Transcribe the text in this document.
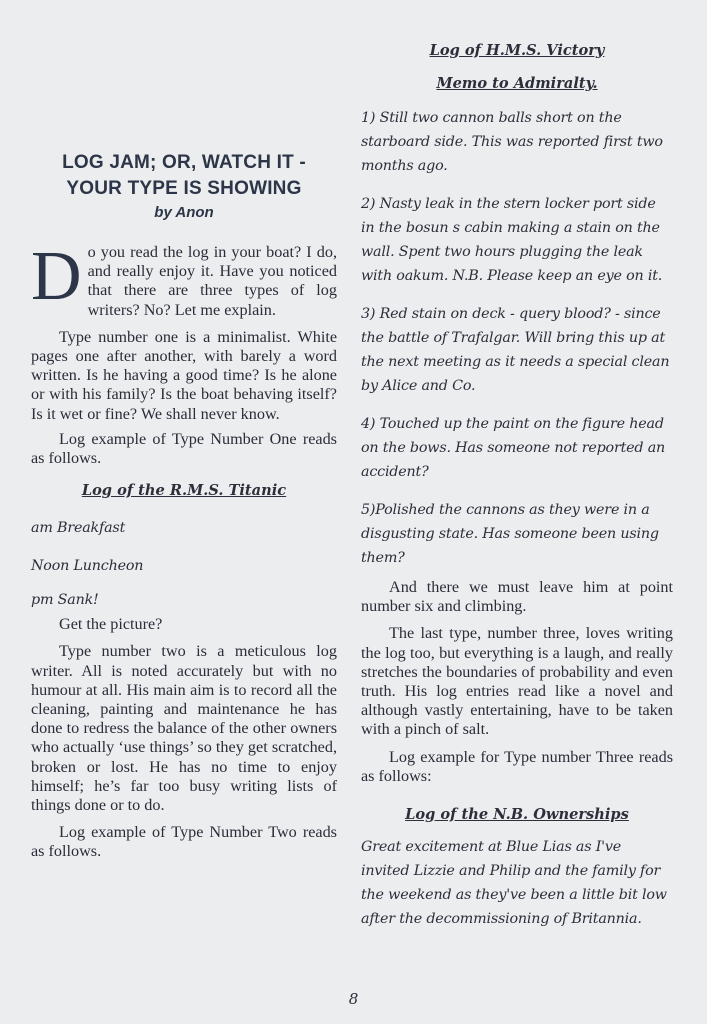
LOG JAM; OR, WATCH IT -
YOUR TYPE IS SHOWING

by Anon

Do you read the log in your boat? I do, and really enjoy it. Have you noticed that there are three types of log writers? No? Let me explain.

Type number one is a minimalist. White pages one after another, with barely a word written. Is he having a good time? Is he alone or with his family? Is the boat behaving itself? Is it wet or fine? We shall never know.

Log example of Type Number One reads as follows.

Log of the R.M.S. Titanic

am Breakfast

Noon Luncheon

pm Sank!

Get the picture?

Type number two is a meticulous log writer. All is noted accurately but with no humour at all. His main aim is to record all the cleaning, painting and maintenance he has done to redress the balance of the other owners who actually ‘use things’ so they get scratched, broken or lost. He has no time to enjoy himself; he’s far too busy writing lists of things done or to do.

Log example of Type Number Two reads as follows.

Log of H.M.S. Victory

Memo to Admiralty.

1) Still two cannon balls short on the starboard side. This was reported first two months ago.

2) Nasty leak in the stern locker port side in the bosun s cabin making a stain on the wall. Spent two hours plugging the leak with oakum. N.B. Please keep an eye on it.

3) Red stain on deck - query blood? - since the battle of Trafalgar. Will bring this up at the next meeting as it needs a special clean by Alice and Co.

4) Touched up the paint on the figure head on the bows. Has someone not reported an accident?

5)Polished the cannons as they were in a disgusting state. Has someone been using them?

And there we must leave him at point number six and climbing.

The last type, number three, loves writing the log too, but everything is a laugh, and really stretches the boundaries of probability and even truth. His log entries read like a novel and although vastly entertaining, have to be taken with a pinch of salt.

Log example for Type number Three reads as follows:

Log of the N.B. Ownerships

Great excitement at Blue Lias as I've invited Lizzie and Philip and the family for the weekend as they've been a little bit low after the decommissioning of Britannia.

8
